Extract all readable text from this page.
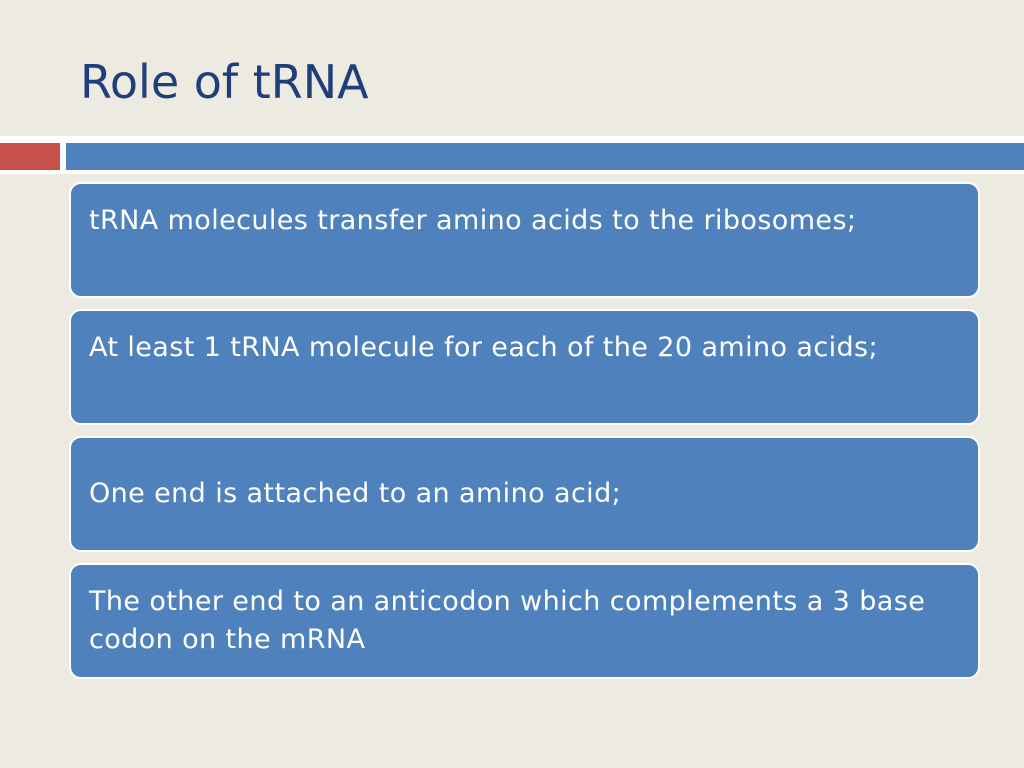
Role of tRNA
tRNA molecules transfer amino acids to the ribosomes;
At least 1 tRNA molecule for each of the 20 amino acids;
One end is attached to an amino acid;
The other end to an anticodon which complements a 3 base codon on the mRNA
